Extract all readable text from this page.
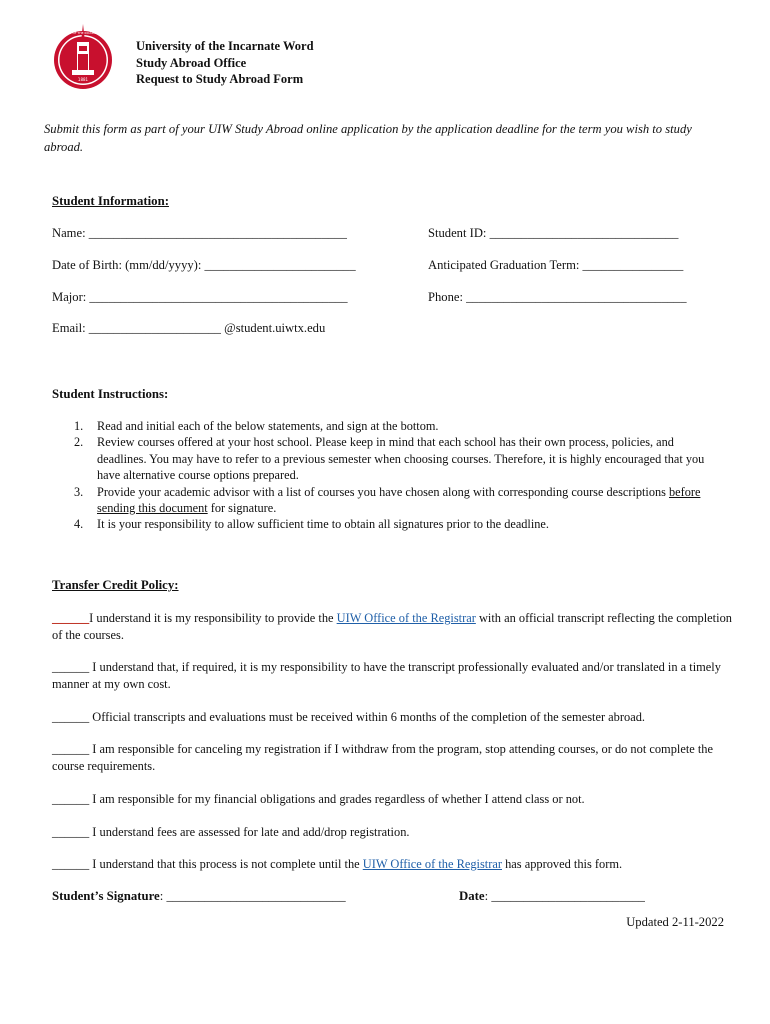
1881
UNIVERSITY OF THE INCARNATE WORD
University of the Incarnate Word
Study Abroad Office
Request to Study Abroad Form
Submit this form as part of your UIW Study Abroad online application by the application deadline for the term you wish to study abroad.
Student Information:
Name: _________________________________________	Student ID: ______________________________
Date of Birth: (mm/dd/yyyy): ________________________	Anticipated Graduation Term: ________________
Major: _________________________________________	Phone: ___________________________________
Email: _____________________ @student.uiwtx.edu
Student Instructions:
1. Read and initial each of the below statements, and sign at the bottom.
2. Review courses offered at your host school. Please keep in mind that each school has their own process, policies, and deadlines. You may have to refer to a previous semester when choosing courses. Therefore, it is highly encouraged that you have alternative course options prepared.
3. Provide your academic advisor with a list of courses you have chosen along with corresponding course descriptions before sending this document for signature.
4. It is your responsibility to allow sufficient time to obtain all signatures prior to the deadline.
Transfer Credit Policy:
______I understand it is my responsibility to provide the UIW Office of the Registrar with an official transcript reflecting the completion of the courses.
______ I understand that, if required, it is my responsibility to have the transcript professionally evaluated and/or translated in a timely manner at my own cost.
______ Official transcripts and evaluations must be received within 6 months of the completion of the semester abroad.
______ I am responsible for canceling my registration if I withdraw from the program, stop attending courses, or do not complete the course requirements.
______ I am responsible for my financial obligations and grades regardless of whether I attend class or not.
______ I understand fees are assessed for late and add/drop registration.
______ I understand that this process is not complete until the UIW Office of the Registrar has approved this form.
Student’s Signature: ____________________________	Date: ________________________
Updated 2-11-2022
